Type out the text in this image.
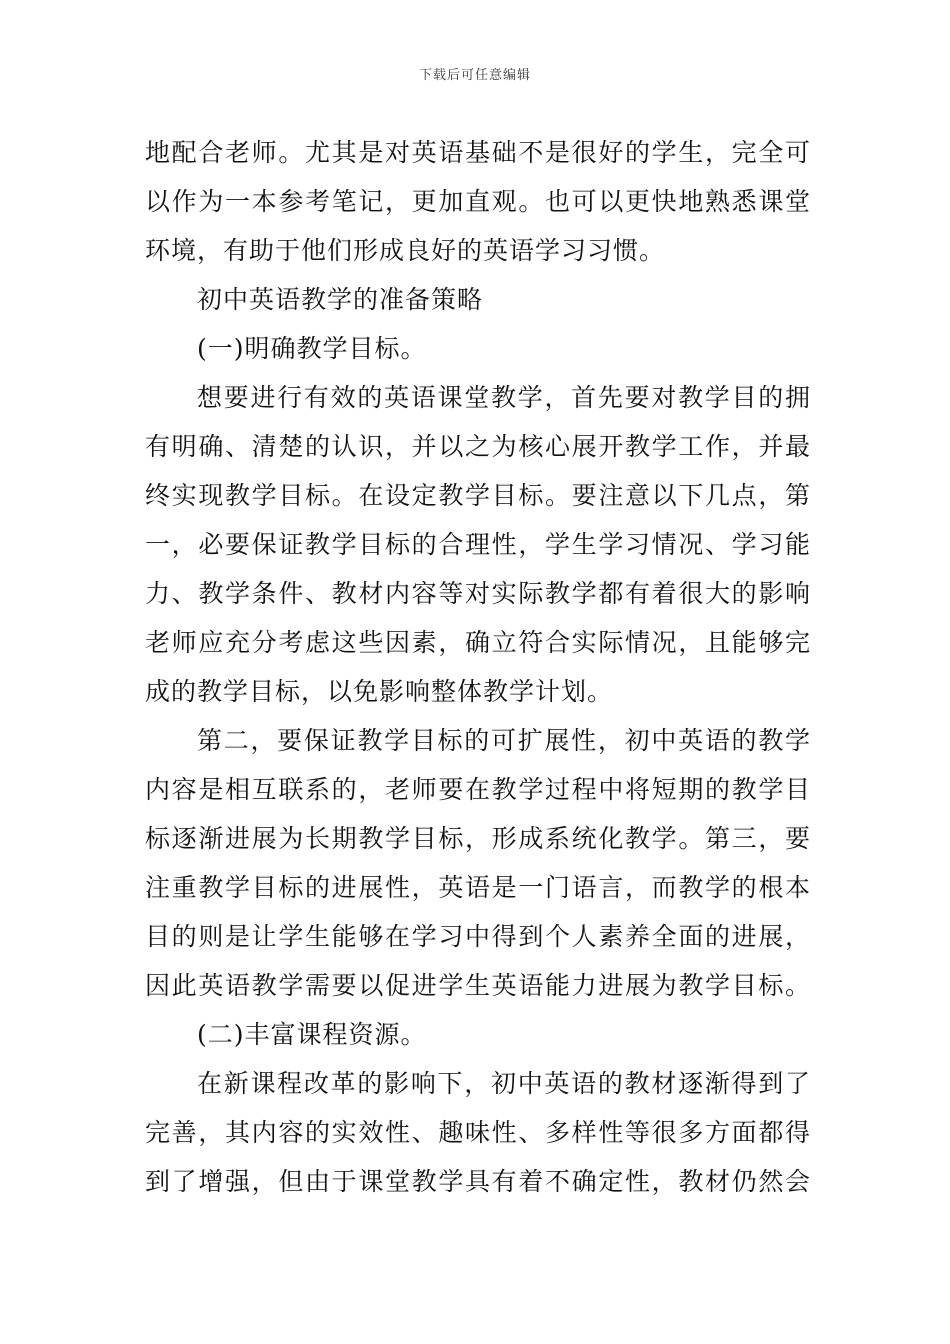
下载后可任意编辑
地配合老师。尤其是对英语基础不是很好的学生，完全可
以作为一本参考笔记，更加直观。也可以更快地熟悉课堂
环境，有助于他们形成良好的英语学习习惯。
初中英语教学的准备策略
(一)明确教学目标。
想要进行有效的英语课堂教学，首先要对教学目的拥
有明确、清楚的认识，并以之为核心展开教学工作，并最
终实现教学目标。在设定教学目标。要注意以下几点，第
一，必要保证教学目标的合理性，学生学习情况、学习能
力、教学条件、教材内容等对实际教学都有着很大的影响
老师应充分考虑这些因素，确立符合实际情况，且能够完
成的教学目标，以免影响整体教学计划。
第二，要保证教学目标的可扩展性，初中英语的教学
内容是相互联系的，老师要在教学过程中将短期的教学目
标逐渐进展为长期教学目标，形成系统化教学。第三，要
注重教学目标的进展性，英语是一门语言，而教学的根本
目的则是让学生能够在学习中得到个人素养全面的进展，
因此英语教学需要以促进学生英语能力进展为教学目标。
(二)丰富课程资源。
在新课程改革的影响下，初中英语的教材逐渐得到了
完善，其内容的实效性、趣味性、多样性等很多方面都得
到了增强，但由于课堂教学具有着不确定性，教材仍然会
